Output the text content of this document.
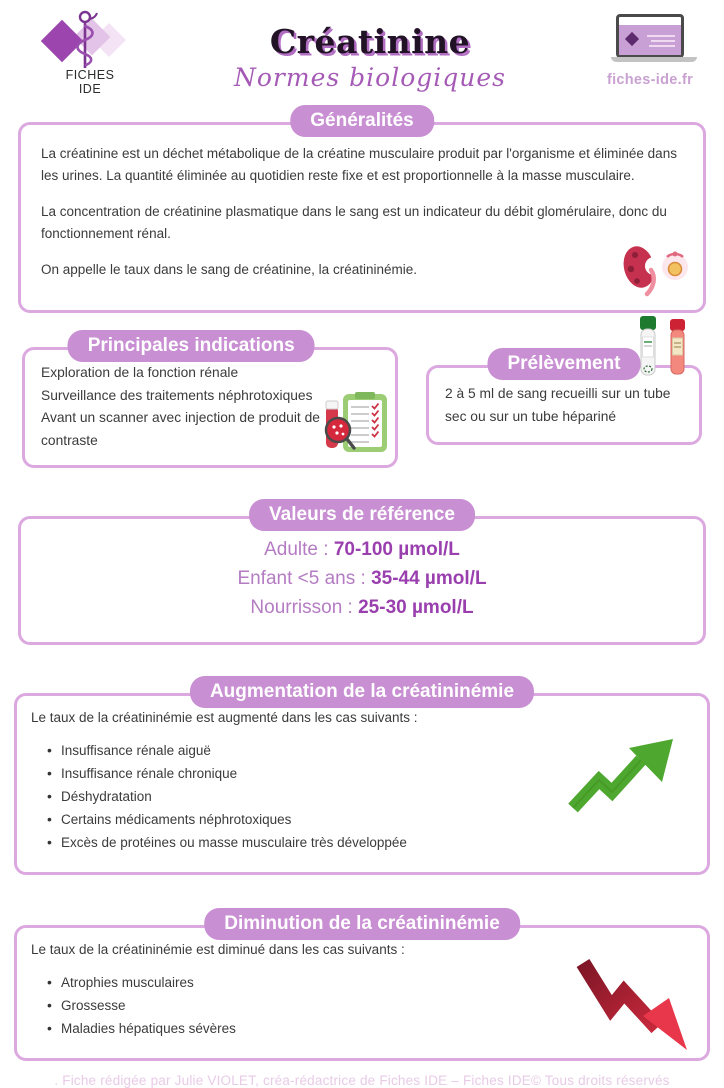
FICHES
IDE
Créatinine
Normes biologiques	fiches-ide.fr
Généralités

La créatinine est un déchet métabolique de la créatine musculaire produit par l'organisme et éliminée dans les urines. La quantité éliminée au quotidien reste fixe et est proportionnelle à la masse musculaire.

La concentration de créatinine plasmatique dans le sang est un indicateur du débit glomérulaire, donc du fonctionnement rénal.

On appelle le taux dans le sang de créatinine, la créatininémie.

Principales indications
Exploration de la fonction rénale
Surveillance des traitements néphrotoxiques
Avant un scanner avec injection de produit de contraste
Prélèvement
2 à 5 ml de sang recueilli sur un tube sec ou sur un tube hépariné
Valeurs de référence
Adulte : 70-100 µmol/L
Enfant <5 ans : 35-44 µmol/L
Nourrisson : 25-30 µmol/L
Augmentation de la créatininémie
Le taux de la créatininémie est augmenté dans les cas suivants :
• Insuffisance rénale aiguë
• Insuffisance rénale chronique
• Déshydratation
• Certains médicaments néphrotoxiques
• Excès de protéines ou masse musculaire très développée
Diminution de la créatininémie
Le taux de la créatininémie est diminué dans les cas suivants :
• Atrophies musculaires
• Grossesse
• Maladies hépatiques sévères
. Fiche rédigée par Julie VIOLET, créa-rédactrice de Fiches IDE – Fiches IDE© Tous droits réservés
